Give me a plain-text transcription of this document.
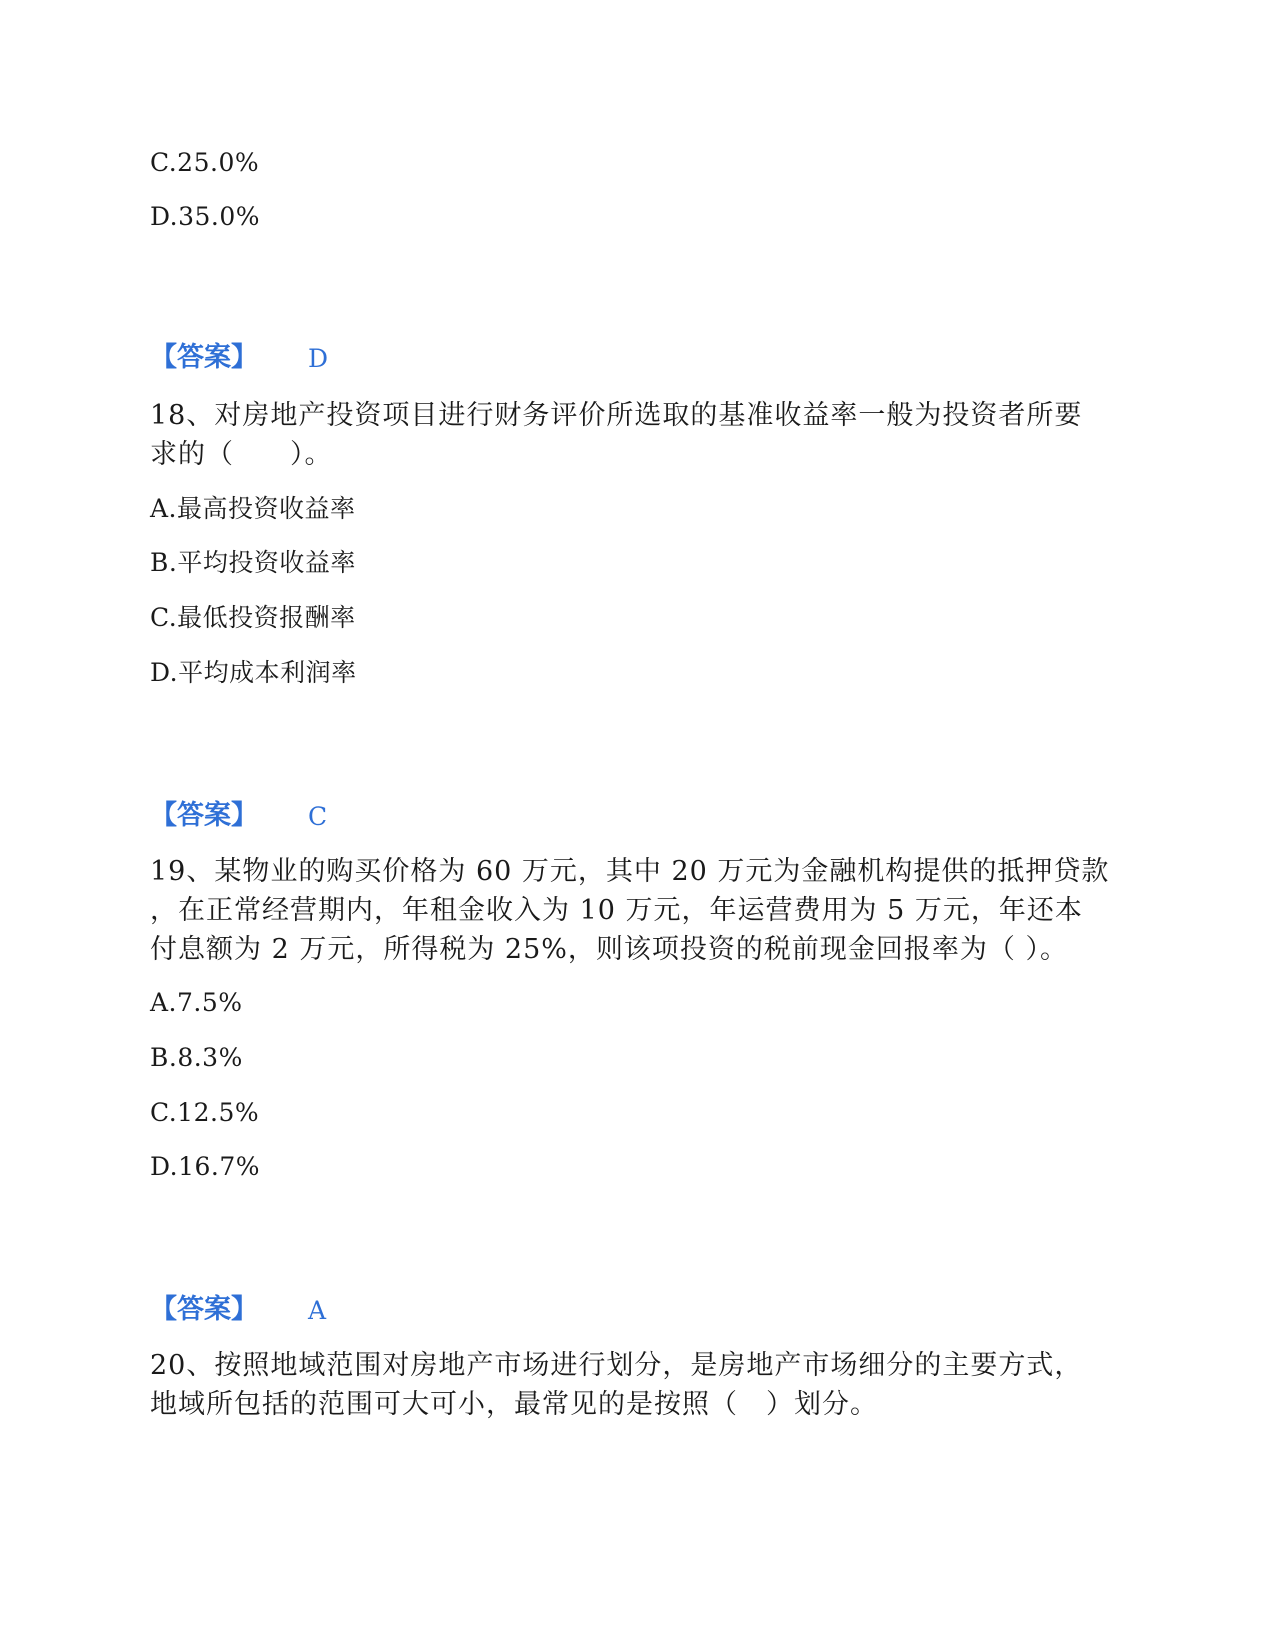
C.25.0%
D.35.0%
【答案】 D
18、对房地产投资项目进行财务评价所选取的基准收益率一般为投资者所要
求的（　　）。
A.最高投资收益率
B.平均投资收益率
C.最低投资报酬率
D.平均成本利润率
【答案】 C
19、某物业的购买价格为 60 万元，其中 20 万元为金融机构提供的抵押贷款
，在正常经营期内，年租金收入为 10 万元，年运营费用为 5 万元，年还本
付息额为 2 万元，所得税为 25%，则该项投资的税前现金回报率为（ ）。
A.7.5%
B.8.3%
C.12.5%
D.16.7%
【答案】 A
20、按照地域范围对房地产市场进行划分，是房地产市场细分的主要方式，
地域所包括的范围可大可小，最常见的是按照（　）划分。
